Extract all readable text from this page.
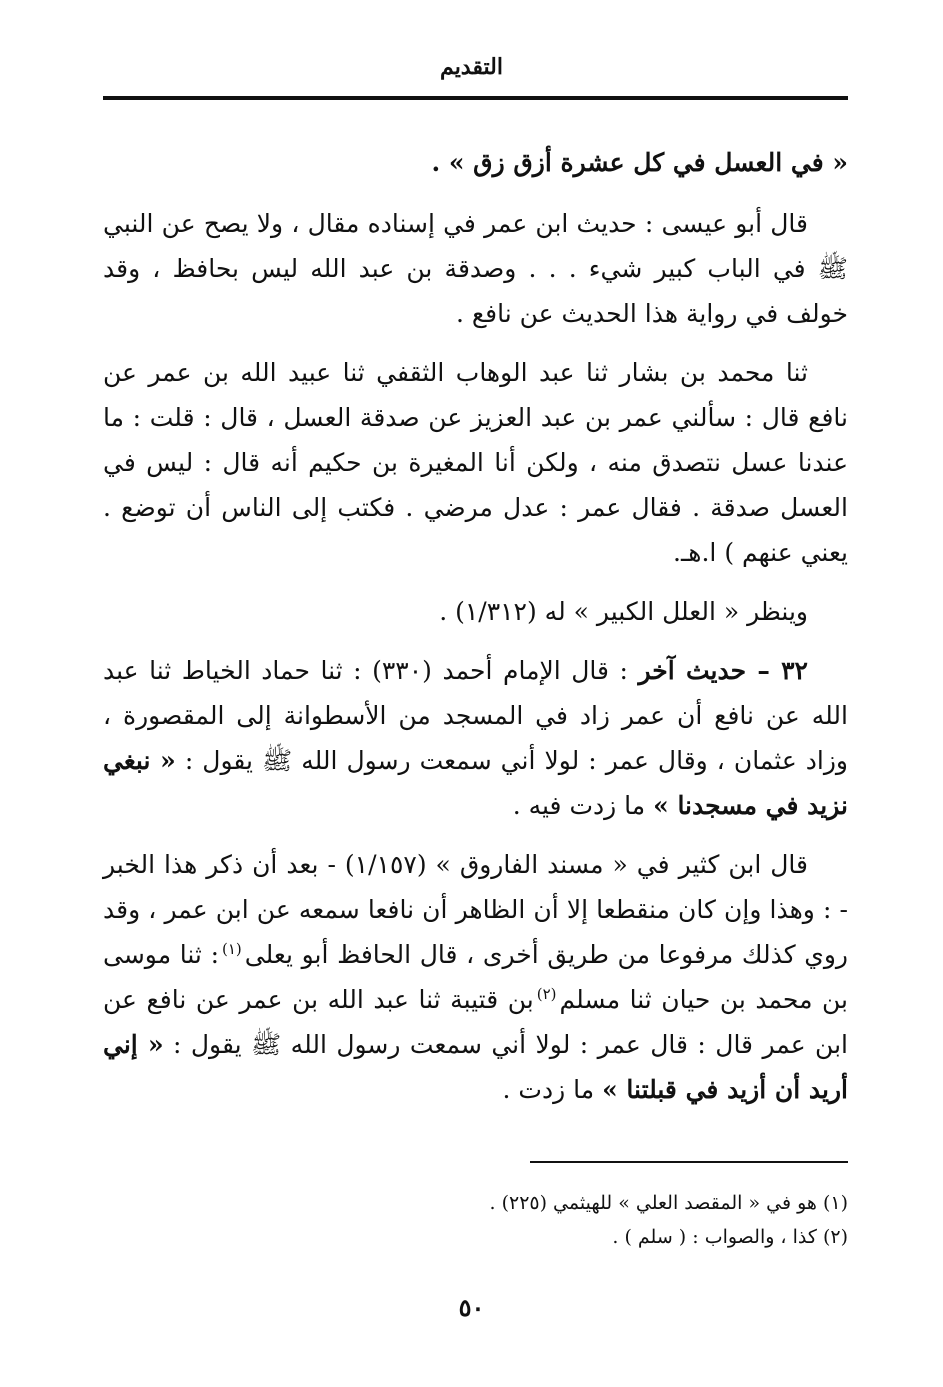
التقديم

« في العسل في كل عشرة أزق زق » .

قال أبو عيسى : حديث ابن عمر في إسناده مقال ، ولا يصح عن النبي ﷺ في الباب كبير شيء . . . وصدقة بن عبد الله ليس بحافظ ، وقد خولف في رواية هذا الحديث عن نافع .

ثنا محمد بن بشار ثنا عبد الوهاب الثقفي ثنا عبيد الله بن عمر عن نافع قال : سألني عمر بن عبد العزيز عن صدقة العسل ، قال : قلت : ما عندنا عسل نتصدق منه ، ولكن أنا المغيرة بن حكيم أنه قال : ليس في العسل صدقة . فقال عمر : عدل مرضي . فكتب إلى الناس أن توضع . يعني عنهم ) ا.هـ.

وينظر « العلل الكبير » له (١/٣١٢) .

٣٢ – حديث آخر : قال الإمام أحمد (٣٣٠) : ثنا حماد الخياط ثنا عبد الله عن نافع أن عمر زاد في المسجد من الأسطوانة إلى المقصورة ، وزاد عثمان ، وقال عمر : لولا أني سمعت رسول الله ﷺ يقول : « نبغي نزيد في مسجدنا » ما زدت فيه .

قال ابن كثير في « مسند الفاروق » (١/١٥٧) - بعد أن ذكر هذا الخبر - : وهذا وإن كان منقطعا إلا أن الظاهر أن نافعا سمعه عن ابن عمر ، وقد روي كذلك مرفوعا من طريق أخرى ، قال الحافظ أبو يعلى$^{(١)}$: ثنا موسى بن محمد بن حيان ثنا مسلم$^{(٢)}$بن قتيبة ثنا عبد الله بن عمر عن نافع عن ابن عمر قال : قال عمر : لولا أني سمعت رسول الله ﷺ يقول : « إني أريد أن أزيد في قبلتنا » ما زدت .

(١) هو في « المقصد العلي » للهيثمي (٢٢٥) .
(٢) كذا ، والصواب : ( سلم ) .
٥٠
